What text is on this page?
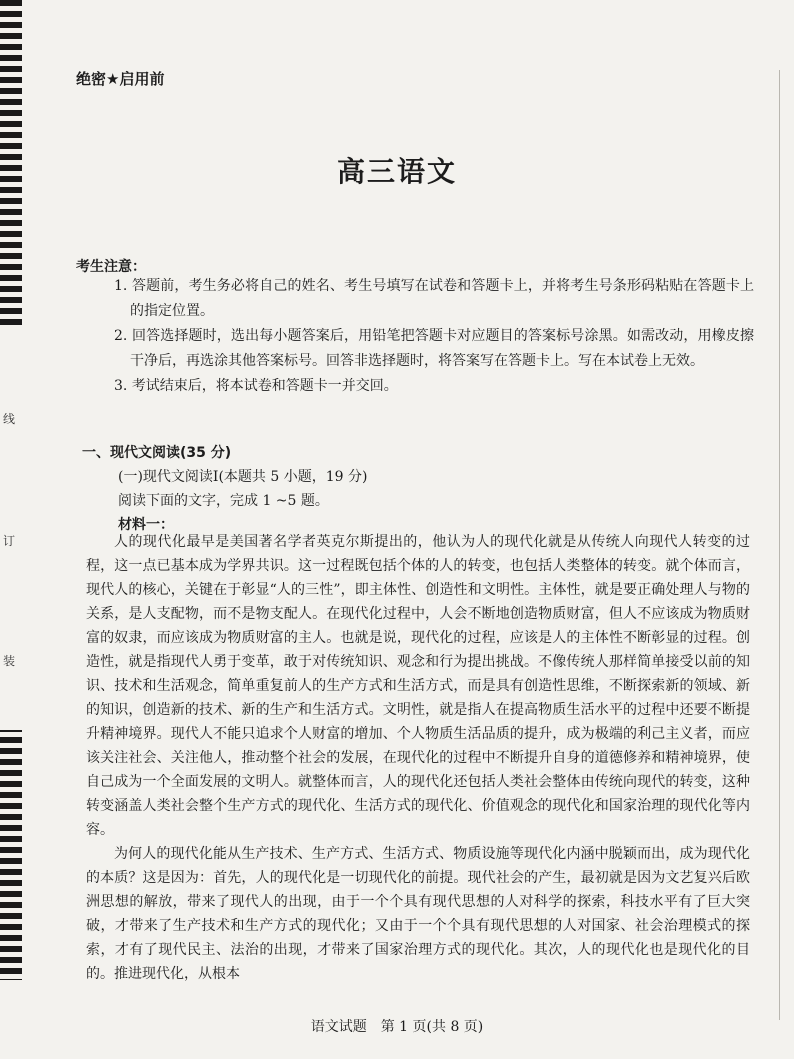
线
订
装
绝密★启用前
高三语文
考生注意：
1. 答题前，考生务必将自己的姓名、考生号填写在试卷和答题卡上，并将考生号条形码粘贴在答题卡上的指定位置。
2. 回答选择题时，选出每小题答案后，用铅笔把答题卡对应题目的答案标号涂黑。如需改动，用橡皮擦干净后，再选涂其他答案标号。回答非选择题时，将答案写在答题卡上。写在本试卷上无效。
3. 考试结束后，将本试卷和答题卡一并交回。
一、现代文阅读(35 分)
(一)现代文阅读Ⅰ(本题共 5 小题，19 分)
阅读下面的文字，完成 1 ~5 题。
材料一：

人的现代化最早是美国著名学者英克尔斯提出的，他认为人的现代化就是从传统人向现代人转变的过程，这一点已基本成为学界共识。这一过程既包括个体的人的转变，也包括人类整体的转变。就个体而言，现代人的核心，关键在于彰显“人的三性”，即主体性、创造性和文明性。主体性，就是要正确处理人与物的关系，是人支配物，而不是物支配人。在现代化过程中，人会不断地创造物质财富，但人不应该成为物质财富的奴隶，而应该成为物质财富的主人。也就是说，现代化的过程，应该是人的主体性不断彰显的过程。创造性，就是指现代人勇于变革，敢于对传统知识、观念和行为提出挑战。不像传统人那样简单接受以前的知识、技术和生活观念，简单重复前人的生产方式和生活方式，而是具有创造性思维，不断探索新的领域、新的知识，创造新的技术、新的生产和生活方式。文明性，就是指人在提高物质生活水平的过程中还要不断提升精神境界。现代人不能只追求个人财富的增加、个人物质生活品质的提升，成为极端的利己主义者，而应该关注社会、关注他人，推动整个社会的发展，在现代化的过程中不断提升自身的道德修养和精神境界，使自己成为一个全面发展的文明人。就整体而言，人的现代化还包括人类社会整体由传统向现代的转变，这种转变涵盖人类社会整个生产方式的现代化、生活方式的现代化、价值观念的现代化和国家治理的现代化等内容。

为何人的现代化能从生产技术、生产方式、生活方式、物质设施等现代化内涵中脱颖而出，成为现代化的本质？这是因为：首先，人的现代化是一切现代化的前提。现代社会的产生，最初就是因为文艺复兴后欧洲思想的解放，带来了现代人的出现，由于一个个具有现代思想的人对科学的探索，科技水平有了巨大突破，才带来了生产技术和生产方式的现代化；又由于一个个具有现代思想的人对国家、社会治理模式的探索，才有了现代民主、法治的出现，才带来了国家治理方式的现代化。其次，人的现代化也是现代化的目的。推进现代化，从根本

语文试题　第 1 页(共 8 页)
